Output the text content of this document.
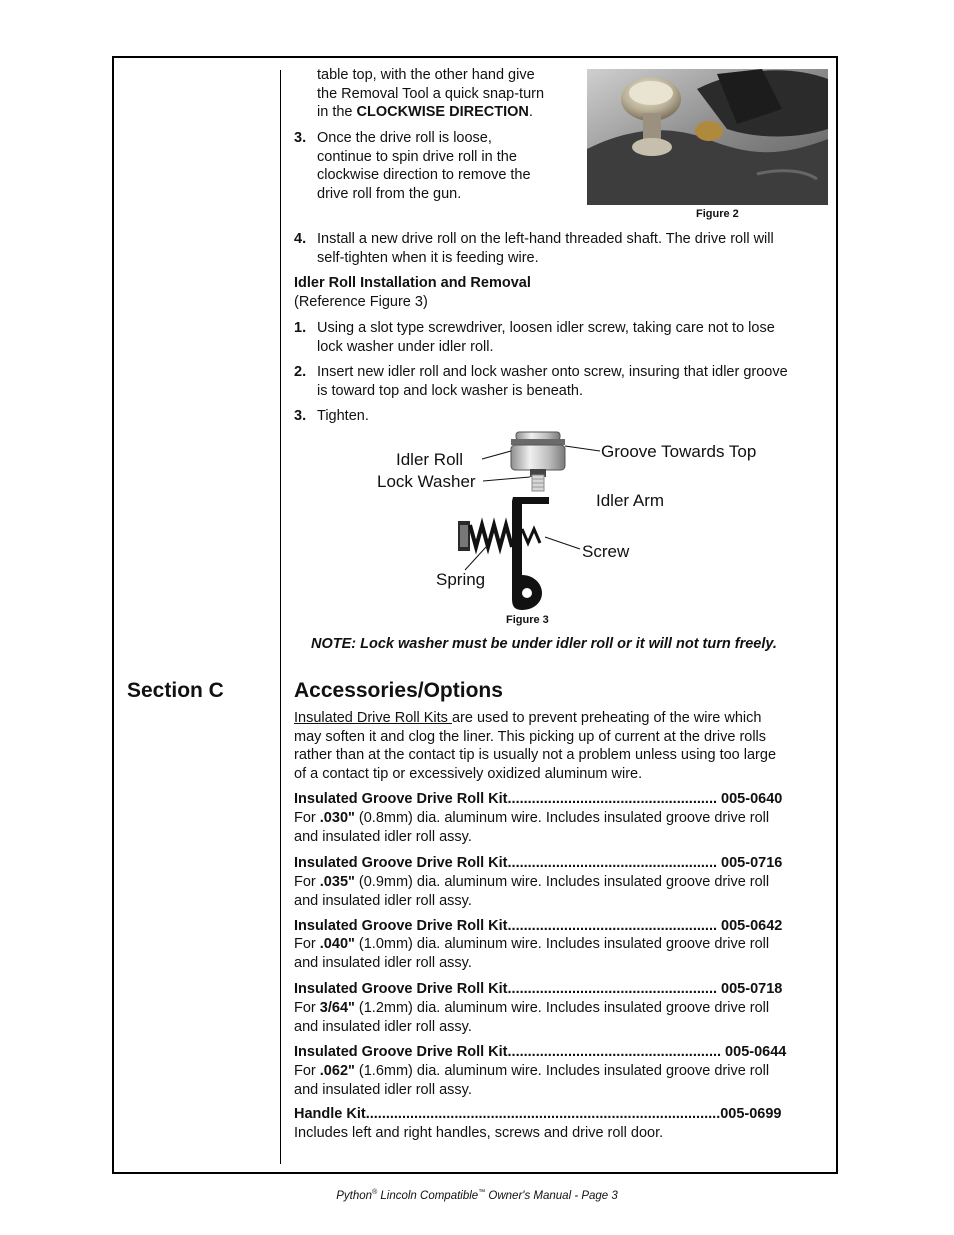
table top, with the other hand give
the Removal Tool a quick snap-turn
in the CLOCKWISE DIRECTION.
3. Once the drive roll is loose,
continue to spin drive roll in the
clockwise direction to remove the
drive roll from the gun.
Figure 2
4. Install a new drive roll on the left-hand threaded shaft. The drive roll will
self-tighten when it is feeding wire.
Idler Roll Installation and Removal
(Reference Figure 3)
1. Using a slot type screwdriver, loosen idler screw, taking care not to lose
lock washer under idler roll.
2. Insert new idler roll and lock washer onto screw, insuring that idler groove
is toward top and lock washer is beneath.
3. Tighten.
Idler Roll
Lock Washer
Groove Towards Top
Idler Arm
Screw
Spring
Figure 3
NOTE: Lock washer must be under idler roll or it will not turn freely.
Section C	Accessories/Options
Insulated Drive Roll Kits are used to prevent preheating of the wire which
may soften it and clog the liner. This picking up of current at the drive rolls
rather than at the contact tip is usually not a problem unless using too large
of a contact tip or excessively oxidized aluminum wire.
Insulated Groove Drive Roll Kit.................................................... 005-0640
For .030" (0.8mm) dia. aluminum wire. Includes insulated groove drive roll
and insulated idler roll assy.
Insulated Groove Drive Roll Kit.................................................... 005-0716
For .035" (0.9mm) dia. aluminum wire. Includes insulated groove drive roll
and insulated idler roll assy.
Insulated Groove Drive Roll Kit.................................................... 005-0642
For .040" (1.0mm) dia. aluminum wire. Includes insulated groove drive roll
and insulated idler roll assy.
Insulated Groove Drive Roll Kit.................................................... 005-0718
For 3/64" (1.2mm) dia. aluminum wire. Includes insulated groove drive roll
and insulated idler roll assy.
Insulated Groove Drive Roll Kit..................................................... 005-0644
For .062" (1.6mm) dia. aluminum wire. Includes insulated groove drive roll
and insulated idler roll assy.
Handle Kit........................................................................................005-0699
Includes left and right handles, screws and drive roll door.
Python® Lincoln Compatible™ Owner's Manual - Page 3
